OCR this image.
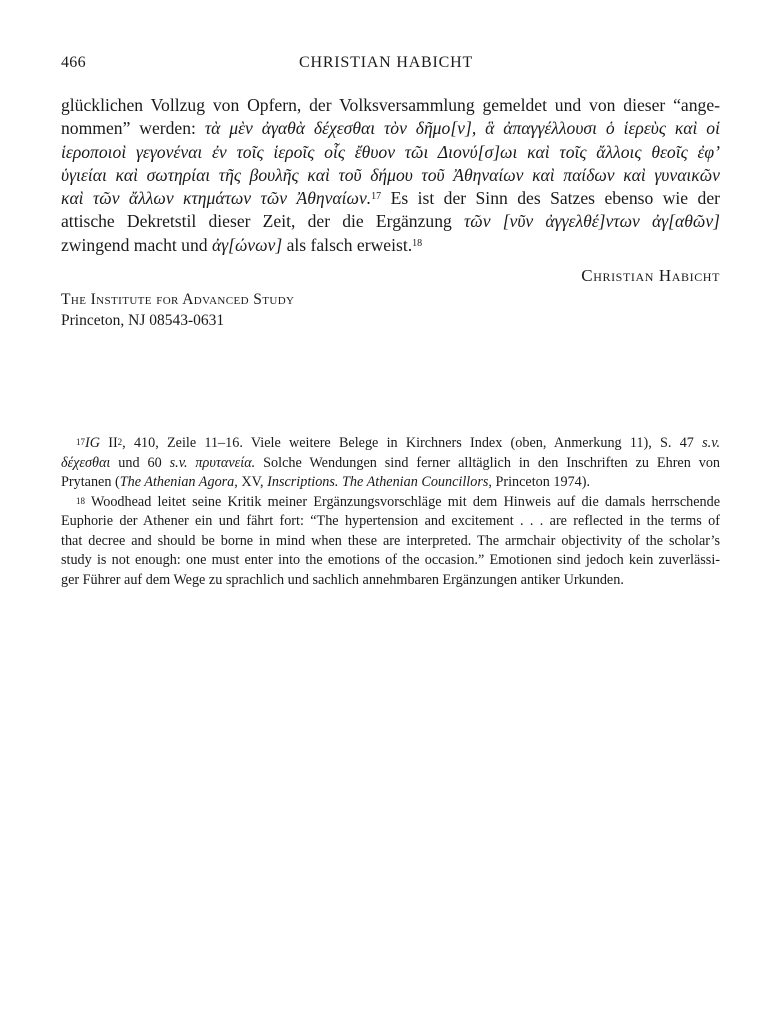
466	CHRISTIAN HABICHT
glücklichen Vollzug von Opfern, der Volksversammlung gemeldet und von dieser “ange-
nommen” werden: τὰ μὲν ἀγαθὰ δέχεσθαι τὸν δῆμο[ν], ἃ ἀπαγγέλλουσι ὁ ἱερεὺς καὶ οἱ
ἱεροποιοὶ γεγονέναι ἐν τοῖς ἱεροῖς οἷς ἔθυον τῶι Διονύ[σ]ωι καὶ τοῖς ἄλλοις θεοῖς ἐφ’
ὑγιείαι καὶ σωτηρίαι τῆς βουλῆς καὶ τοῦ δήμου τοῦ Ἀθηναίων καὶ παίδων καὶ γυναικῶν
καὶ τῶν ἄλλων κτημάτων τῶν Ἀθηναίων.$^{17}$ Es ist der Sinn des Satzes ebenso wie der
attische Dekretstil dieser Zeit, der die Ergänzung τῶν [νῦν ἀγγελθέ]ντων ἀγ[αθῶν]
zwingend macht und ἀγ[ώνων] als falsch erweist.$^{18}$
Christian Habicht
The Institute for Advanced Study
Princeton, NJ 08543-0631
$^{17}$IG $II^2$, 410, Zeile 11–16. Viele weitere Belege in Kirchners Index (oben, Anmerkung 11), S. 47 s.v.
δέχεσθαι und 60 s.v. πρυτανεία. Solche Wendungen sind ferner alltäglich in den Inschriften zu Ehren von
Prytanen (The Athenian Agora, XV, Inscriptions. The Athenian Councillors, Princeton 1974).
$^{18}$ Woodhead leitet seine Kritik meiner Ergänzungsvorschläge mit dem Hinweis auf die damals herrschende
Euphorie der Athener ein und fährt fort: “The hypertension and excitement . . . are reflected in the terms of
that decree and should be borne in mind when these are interpreted. The armchair objectivity of the scholar’s
study is not enough: one must enter into the emotions of the occasion.” Emotionen sind jedoch kein zuverlässi-
ger Führer auf dem Wege zu sprachlich und sachlich annehmbaren Ergänzungen antiker Urkunden.
